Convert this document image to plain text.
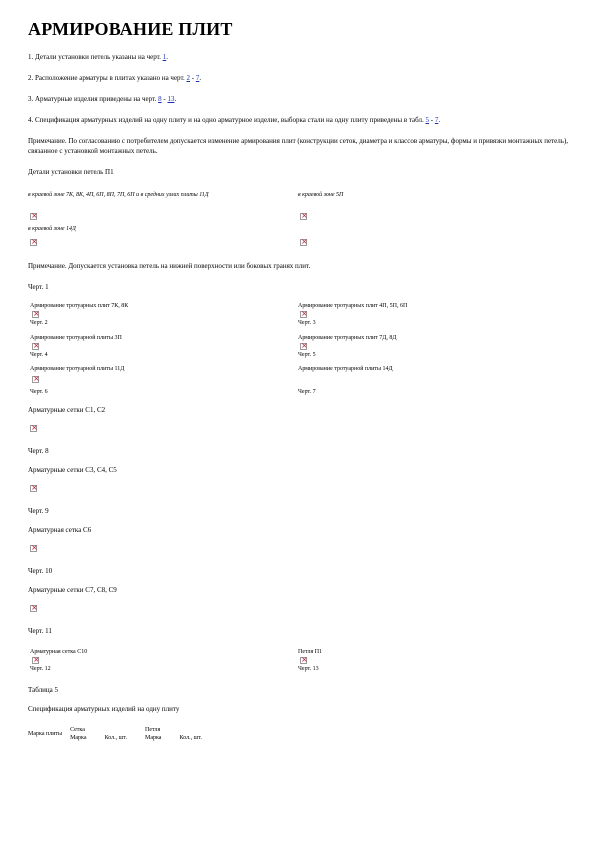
АРМИРОВАНИЕ ПЛИТ

1. Детали установки петель указаны на черт. 1.

2. Расположение арматуры в плитах указано на черт. 2 - 7.

3. Арматурные изделия приведены на черт. 8 - 13.

4. Спецификация арматурных изделий на одну плиту и на одно арматурное изделие, выборка стали на одну плиту приведены в табл. 5 - 7.

Примечание. По согласованию с потребителем допускается изменение армирования плит (конструкции сеток, диаметра и классов арматуры, формы и привязки монтажных петель), связанное с установкой монтажных петель.

Детали установки петель П1

в краевой зоне 7К, 8К, 4П, 6П, 8П, 7П, 6П и в средних узлах плиты 11Д	в краевой зоне 5П
×
×
в краевой зоне 14Д
×
×

Примечание. Допускается установка петель на нижней поверхности или боковых гранях плит.

Черт. 1

Армирование тротуарных плит 7К, 8К
×
Черт. 2
Армирование тротуарных плит 4П, 5П, 6П
×
Черт. 3
Армирование тротуарной плиты 3П
×
Черт. 4
Армирование тротуарных плит 7Д, 8Д
×
Черт. 5
Армирование тротуарной плиты 11Д
×
Черт. 6
Армирование тротуарной плиты 14Д
Черт. 7

Арматурные сетки С1, С2

×

Черт. 8

Арматурные сетки С3, С4, С5

×

Черт. 9

Арматурная сетка С6

×

Черт. 10

Арматурные сетки С7, С8, С9

×

Черт. 11

Арматурная сетка С10
×
Черт. 12
Петля П1
×
Черт. 13

Таблица 5

Спецификация арматурных изделий на одну плиту

Марка плиты	Сетка		Петля	
	Марка	Кол., шт.	Марка	Кол., шт.
